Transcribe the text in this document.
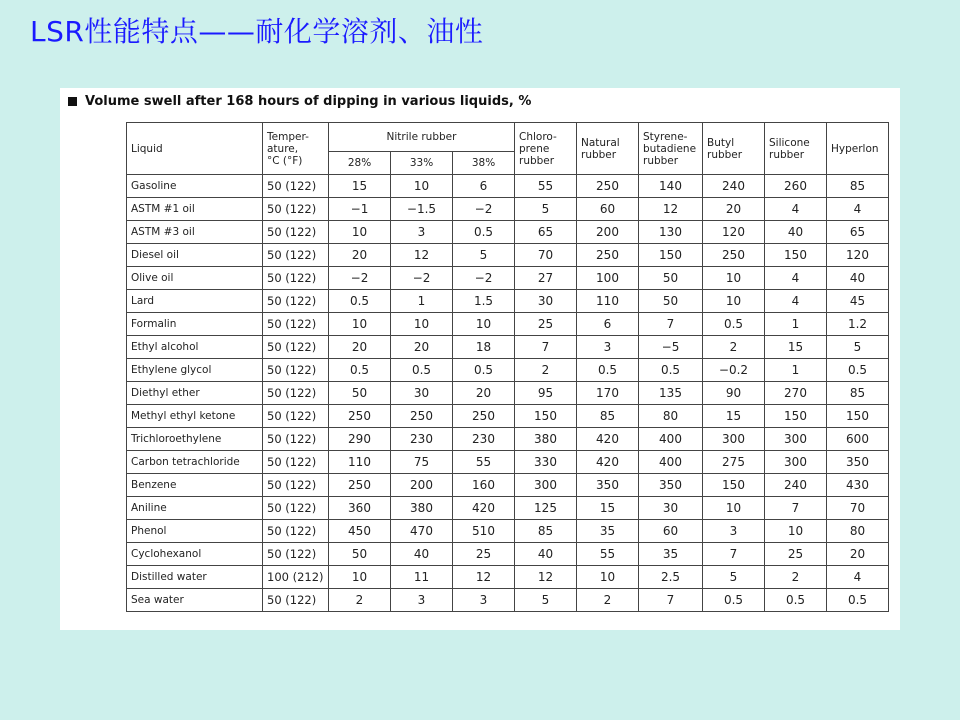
LSR性能特点——耐化学溶剂、油性
Volume swell after 168 hours of dipping in various liquids, %
Liquid	Temper-
ature,
°C (°F)	Nitrile rubber			Chloro-
prene
rubber	Natural
rubber	Styrene-
butadiene
rubber	Butyl
rubber	Silicone
rubber	Hyperlon
		28%	33%	38%						
Gasoline	50 (122)	15	10	6	55	250	140	240	260	85
ASTM #1 oil	50 (122)	−1	−1.5	−2	5	60	12	20	4	4
ASTM #3 oil	50 (122)	10	3	0.5	65	200	130	120	40	65
Diesel oil	50 (122)	20	12	5	70	250	150	250	150	120
Olive oil	50 (122)	−2	−2	−2	27	100	50	10	4	40
Lard	50 (122)	0.5	1	1.5	30	110	50	10	4	45
Formalin	50 (122)	10	10	10	25	6	7	0.5	1	1.2
Ethyl alcohol	50 (122)	20	20	18	7	3	−5	2	15	5
Ethylene glycol	50 (122)	0.5	0.5	0.5	2	0.5	0.5	−0.2	1	0.5
Diethyl ether	50 (122)	50	30	20	95	170	135	90	270	85
Methyl ethyl ketone	50 (122)	250	250	250	150	85	80	15	150	150
Trichloroethylene	50 (122)	290	230	230	380	420	400	300	300	600
Carbon tetrachloride	50 (122)	110	75	55	330	420	400	275	300	350
Benzene	50 (122)	250	200	160	300	350	350	150	240	430
Aniline	50 (122)	360	380	420	125	15	30	10	7	70
Phenol	50 (122)	450	470	510	85	35	60	3	10	80
Cyclohexanol	50 (122)	50	40	25	40	55	35	7	25	20
Distilled water	100 (212)	10	11	12	12	10	2.5	5	2	4
Sea water	50 (122)	2	3	3	5	2	7	0.5	0.5	0.5
